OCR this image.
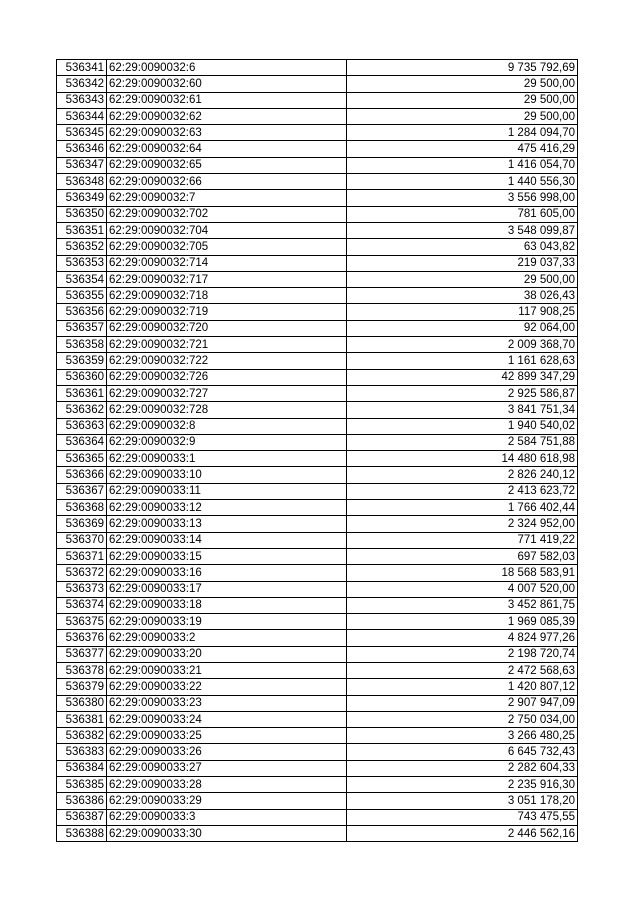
536341	62:29:0090032:6	9 735 792,69
536342	62:29:0090032:60	29 500,00
536343	62:29:0090032:61	29 500,00
536344	62:29:0090032:62	29 500,00
536345	62:29:0090032:63	1 284 094,70
536346	62:29:0090032:64	475 416,29
536347	62:29:0090032:65	1 416 054,70
536348	62:29:0090032:66	1 440 556,30
536349	62:29:0090032:7	3 556 998,00
536350	62:29:0090032:702	781 605,00
536351	62:29:0090032:704	3 548 099,87
536352	62:29:0090032:705	63 043,82
536353	62:29:0090032:714	219 037,33
536354	62:29:0090032:717	29 500,00
536355	62:29:0090032:718	38 026,43
536356	62:29:0090032:719	117 908,25
536357	62:29:0090032:720	92 064,00
536358	62:29:0090032:721	2 009 368,70
536359	62:29:0090032:722	1 161 628,63
536360	62:29:0090032:726	42 899 347,29
536361	62:29:0090032:727	2 925 586,87
536362	62:29:0090032:728	3 841 751,34
536363	62:29:0090032:8	1 940 540,02
536364	62:29:0090032:9	2 584 751,88
536365	62:29:0090033:1	14 480 618,98
536366	62:29:0090033:10	2 826 240,12
536367	62:29:0090033:11	2 413 623,72
536368	62:29:0090033:12	1 766 402,44
536369	62:29:0090033:13	2 324 952,00
536370	62:29:0090033:14	771 419,22
536371	62:29:0090033:15	697 582,03
536372	62:29:0090033:16	18 568 583,91
536373	62:29:0090033:17	4 007 520,00
536374	62:29:0090033:18	3 452 861,75
536375	62:29:0090033:19	1 969 085,39
536376	62:29:0090033:2	4 824 977,26
536377	62:29:0090033:20	2 198 720,74
536378	62:29:0090033:21	2 472 568,63
536379	62:29:0090033:22	1 420 807,12
536380	62:29:0090033:23	2 907 947,09
536381	62:29:0090033:24	2 750 034,00
536382	62:29:0090033:25	3 266 480,25
536383	62:29:0090033:26	6 645 732,43
536384	62:29:0090033:27	2 282 604,33
536385	62:29:0090033:28	2 235 916,30
536386	62:29:0090033:29	3 051 178,20
536387	62:29:0090033:3	743 475,55
536388	62:29:0090033:30	2 446 562,16
